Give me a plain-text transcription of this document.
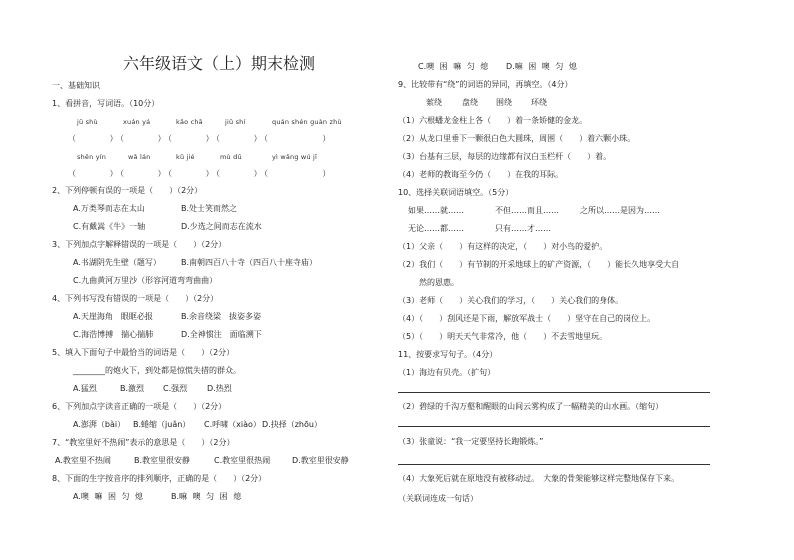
六年级语文（上）期末检测
一、基础知识
1、看拼音，写词语。（10分）
jū shù	xuán yá	kǎo chā	jiǔ shí	quán shén guàn zhù
（　　　）（　　　）（　　　）（　　　）（　　　　　）
shěn yín	wǎ lán	kǔ jié	mù dū	yì wǎng wú jī
（　　　）（　　　）（　　　）（　　　）（　　　　　）
2、下列停顿有误的一项是（　　）（2分）
A.万类琴而志在太山	B.处士笑而然之
C.有戴嵩《牛》一轴	D.少选之间而志在流水
3、下列加点字解释错误的一项是（　　）（2分）
A.书湖阴先生壁（题写）	B.南朝四百八十寺（四百八十座寺庙）
C.九曲黄河万里沙（形容河道弯弯曲曲）
4、下列书写没有错误的一项是（　　）（2分）
A.天崖海角　眼眶必报	B.余音绕梁　拔姿多姿
C.海浩博搏　揣心揣肺	D.全神惯注　面临溯下
5、填入下面句子中最恰当的词语是（　　）（2分）
________的炮火下，到处都是惊慌失措的群众。
A.猛烈	B.激烈 C.强烈 D.热烈
6、下列加点字读音正确的一项是（　　）（2分）
A.澎湃（bài） B.蜷缩（juǎn） C.呼啸（xiào） D.抉择（zhōu）
7、“教室里好不热闹”表示的意思是（　　）（2分）
A.教室里不热闹	B.教室里很安静	C.教室里很热闹	D.教室里很安静
8、下面的生字按音序的排列顺序，正确的是（　　）（2分）
A.噢 嘛 困 匀 熄	B.嘛 噢 匀 困 熄
C.噢 困 嘛 匀 熄 D.嘛 困 噢 匀 熄
9、比较带有“绕”的词语的异同，再填空。（4分）
萦绕	盘绕 围绕 环绕
（1）六根蟠龙金柱上各（　　）着一条矫健的金龙。
（2）从龙口里垂下一颗很白色大圆珠，周围（　　）着六颗小珠。
（3）台基有三层，每层的边缘都有汉白玉栏杆（　　）着。
（4）老师的教诲至今仍（　　）在我的耳际。
10、选择关联词语填空。（5分）
如果……就……	不但……而且……	之所以……是因为……
无论……都……	只有……才……
（1）父亲（　　）有这样的决定，（　　）对小鸟的爱护。
（2）我们（　　）有节制的开采地球上的矿产资源，（　　）能长久地享受大自
然的恩惠。
（3）老师（　　）关心我们的学习，（　　）关心我们的身体。
（4）（　　）刮风还是下雨，解放军战士（　　）坚守在自己的岗位上。
（5）（　　）明天天气非常冷，他（　　）不去雪地里玩。
11、按要求写句子。（4分）
（1）海边有贝壳。（扩句）
（2）碧绿的千沟万壑和醒眼的山间云雾构成了一幅精美的山水画。（缩句）
（3）张童说：“我一定要坚持长跑锻炼。”
（4）大象死后就在原地没有被移动过。　大象的骨架能够这样完整地保存下来。
（关联词连成一句话）
